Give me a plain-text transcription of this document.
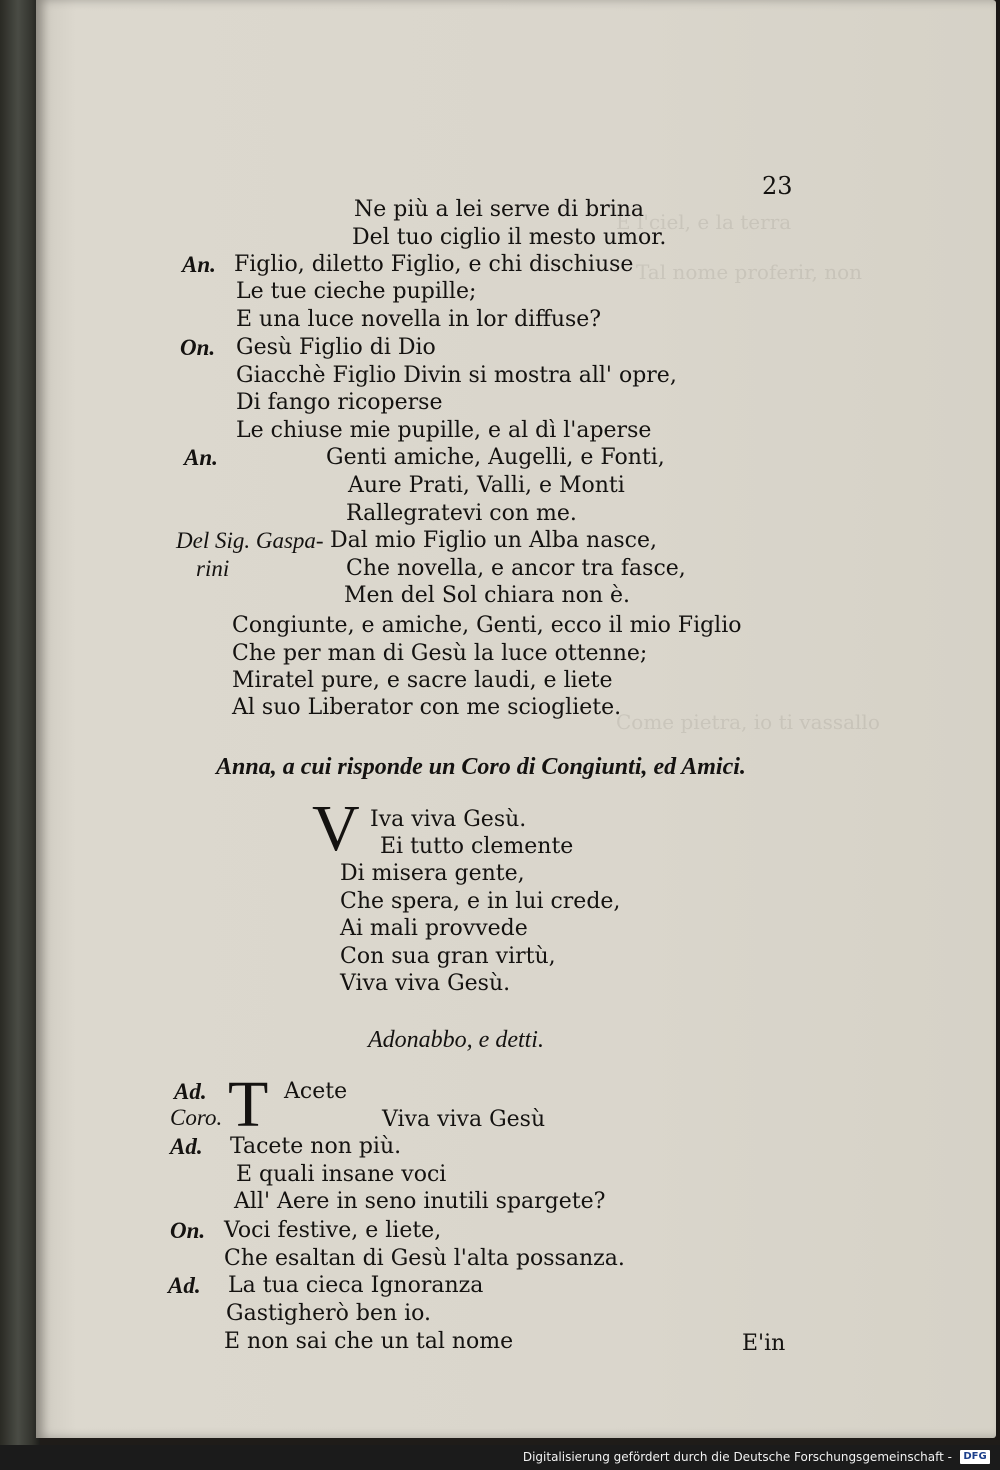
E l'ciel, e la terra
Tal nome proferir, non
Come pietra, io ti vassallo
23
Ne più a lei serve di brina
Del tuo ciglio il mesto umor.
An. Figlio, diletto Figlio, e chi dischiuse
Le tue cieche pupille;
E una luce novella in lor diffuse?
On. Gesù Figlio di Dio
Giacchè Figlio Divin si mostra all' opre,
Di fango ricoperse
Le chiuse mie pupille, e al dì l'aperse
An.	Genti amiche, Augelli, e Fonti,
Aure Prati, Valli, e Monti
Rallegratevi con me.
Del Sig. Gaspa-
rini
Dal mio Figlio un Alba nasce,
Che novella, e ancor tra fasce,
Men del Sol chiara non è.
Congiunte, e amiche, Genti, ecco il mio Figlio
Che per man di Gesù la luce ottenne;
Miratel pure, e sacre laudi, e liete
Al suo Liberator con me sciogliete.
Anna, a cui risponde un Coro di Congiunti, ed Amici.
V Iva viva Gesù.
Ei tutto clemente
Di misera gente,
Che spera, e in lui crede,
Ai mali provvede
Con sua gran virtù,
Viva viva Gesù.
Adonabbo, e detti.
Ad.
Coro. T Acete
Viva viva Gesù
Ad. Tacete non più.
E quali insane voci
All' Aere in seno inutili spargete?
On. Voci festive, e liete,
Che esaltan di Gesù l'alta possanza.
Ad. La tua cieca Ignoranza
Gastigherò ben io.
E non sai che un tal nome	E'in
Digitalisierung gefördert durch die Deutsche Forschungsgemeinschaft -	DFG
